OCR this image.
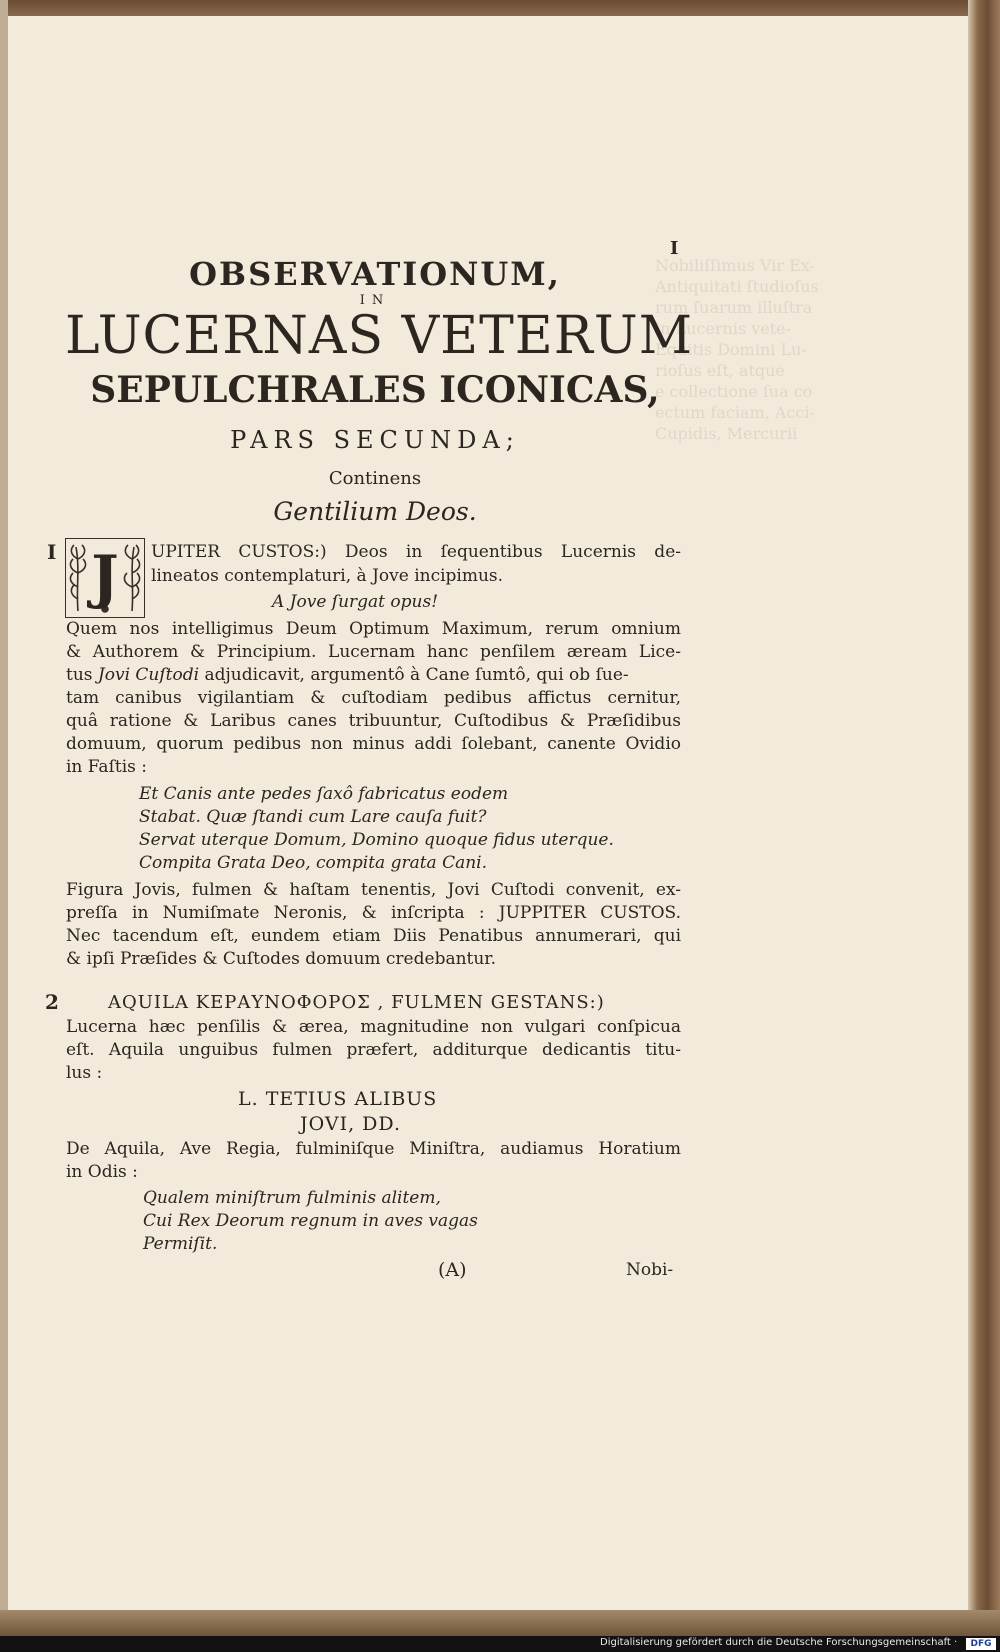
Nobiliſſimus Vir Ex-
Antiquitati ſtudioſus
rum ſuarum illuſtra
in Lucernis vete-
Equitis Domini Lu-
rioſus eſt, atque
e collectione ſua co
ectum faciam, Acci-
Cupidis, Mercurii
I
OBSERVATIONUM,
IN
LUCERNAS VETERUM
SEPULCHRALES ICONICAS,
PARS SECUNDA;
Continens
Gentilium Deos.
I J UPITER CUSTOS:) Deos in ſequentibus Lucernis de-
lineatos contemplaturi, à Jove incipimus.
A Jove ſurgat opus!
Quem nos intelligimus Deum Optimum Maximum, rerum omnium
& Authorem & Principium. Lucernam hanc penſilem æream Lice-
tus Jovi Cuſtodi adjudicavit, argumentô à Cane ſumtô, qui ob ſue-
tam canibus vigilantiam & cuſtodiam pedibus affictus cernitur,
quâ ratione & Laribus canes tribuuntur, Cuſtodibus & Præſidibus
domuum, quorum pedibus non minus addi ſolebant, canente Ovidio
in Faſtis :
Et Canis ante pedes ſaxô fabricatus eodem
Stabat. Quæ ſtandi cum Lare cauſa fuit?
Servat uterque Domum, Domino quoque fidus uterque.
Compita Grata Deo, compita grata Cani.
Figura Jovis, fulmen & haſtam tenentis, Jovi Cuſtodi convenit, ex-
preſſa in Numiſmate Neronis, & inſcripta : JUPPITER CUSTOS.
Nec tacendum eſt, eundem etiam Diis Penatibus annumerari, qui
& ipſi Præſides & Cuſtodes domuum credebantur.
2	AQUILA ΚΕΡΑΥΝΟΦΟΡΟΣ , FULMEN GESTANS:)
Lucerna hæc penſilis & ærea, magnitudine non vulgari conſpicua
eſt. Aquila unguibus fulmen præfert, additurque dedicantis titu-
lus :
L. TETIUS ALIBUS
JOVI, DD.
De Aquila, Ave Regia, fulminiſque Miniſtra, audiamus Horatium
in Odis :
Qualem miniſtrum fulminis alitem,
Cui Rex Deorum regnum in aves vagas
Permiſit.
(A)	Nobi-
Digitalisierung gefördert durch die Deutsche Forschungsgemeinschaft ·	DFG
